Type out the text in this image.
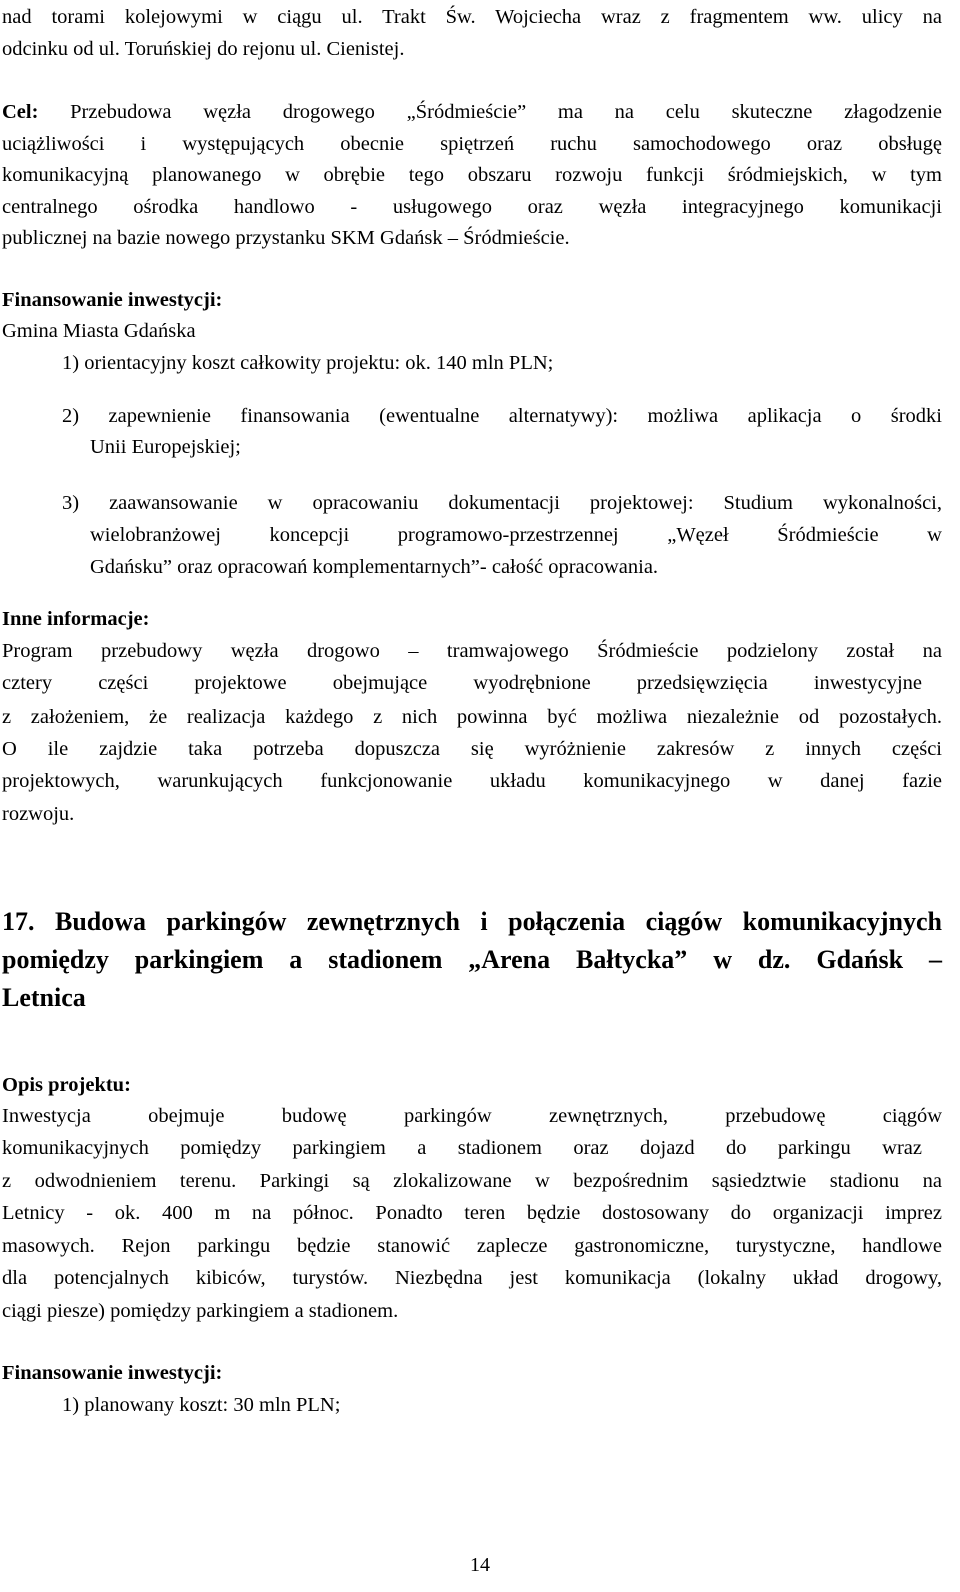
nad torami kolejowymi w ciągu ul. Trakt Św. Wojciecha wraz z fragmentem ww. ulicy na
odcinku od ul. Toruńskiej do rejonu ul. Cienistej.
Cel: Przebudowa węzła drogowego „Śródmieście” ma na celu skuteczne złagodzenie
uciążliwości i występujących obecnie spiętrzeń ruchu samochodowego oraz obsługę
komunikacyjną planowanego w obrębie tego obszaru rozwoju funkcji śródmiejskich, w tym
centralnego ośrodka handlowo - usługowego oraz węzła integracyjnego komunikacji
publicznej na bazie nowego przystanku SKM Gdańsk – Śródmieście.
Finansowanie inwestycji:
Gmina Miasta Gdańska
1) orientacyjny koszt całkowity projektu: ok. 140 mln PLN;
2) zapewnienie finansowania (ewentualne alternatywy): możliwa aplikacja o środki
Unii Europejskiej;
3) zaawansowanie w opracowaniu dokumentacji projektowej: Studium wykonalności,
wielobranżowej koncepcji programowo-przestrzennej „Węzeł Śródmieście w
Gdańsku” oraz opracowań komplementarnych”- całość opracowania.
Inne informacje:
Program przebudowy węzła drogowo – tramwajowego Śródmieście podzielony został na
cztery części projektowe obejmujące wyodrębnione przedsięwzięcia inwestycyjne
z założeniem, że realizacja każdego z nich powinna być możliwa niezależnie od pozostałych.
O ile zajdzie taka potrzeba dopuszcza się wyróżnienie zakresów z innych części
projektowych, warunkujących funkcjonowanie układu komunikacyjnego w danej fazie
rozwoju.
17. Budowa parkingów zewnętrznych i połączenia ciągów komunikacyjnych
pomiędzy parkingiem a stadionem „Arena Bałtycka” w dz. Gdańsk –
Letnica
Opis projektu:
Inwestycja obejmuje budowę parkingów zewnętrznych, przebudowę ciągów
komunikacyjnych pomiędzy parkingiem a stadionem oraz dojazd do parkingu wraz
z odwodnieniem terenu. Parkingi są zlokalizowane w bezpośrednim sąsiedztwie stadionu na
Letnicy - ok. 400 m na północ. Ponadto teren będzie dostosowany do organizacji imprez
masowych. Rejon parkingu będzie stanowić zaplecze gastronomiczne, turystyczne, handlowe
dla potencjalnych kibiców, turystów. Niezbędna jest komunikacja (lokalny układ drogowy,
ciągi piesze) pomiędzy parkingiem a stadionem.
Finansowanie inwestycji:
1) planowany koszt: 30 mln PLN;
14
